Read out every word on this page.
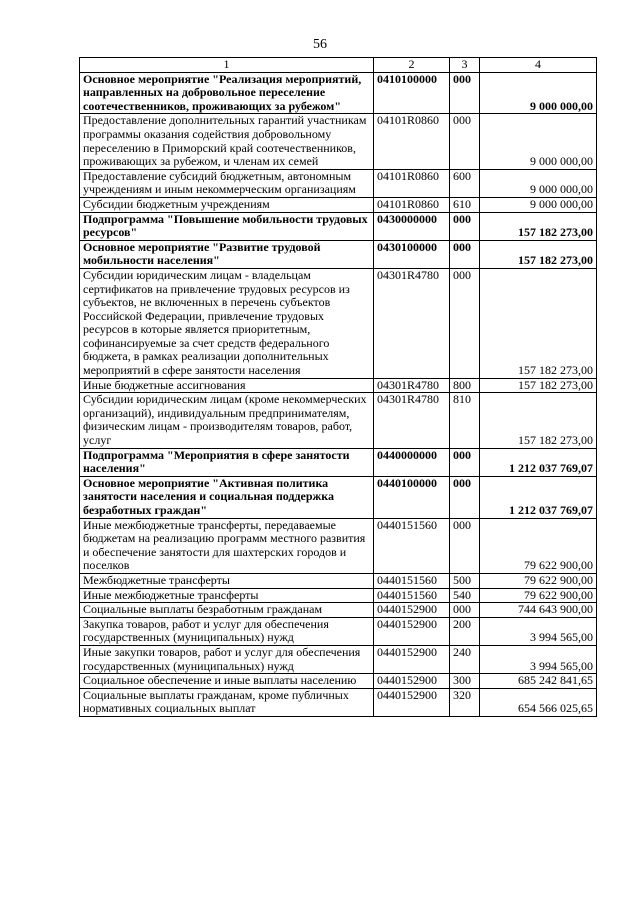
56
1	2	3	4
Основное мероприятие "Реализация мероприятий, направленных на добровольное переселение соотечественников, проживающих за рубежом"	0410100000	000	9 000 000,00
Предоставление дополнительных гарантий участникам программы оказания содействия добровольному переселению в Приморский край соотечественников, проживающих за рубежом, и членам их семей	04101R0860	000	9 000 000,00
Предоставление субсидий бюджетным, автономным учреждениям и иным некоммерческим организациям	04101R0860	600	9 000 000,00
Субсидии бюджетным учреждениям	04101R0860	610	9 000 000,00
Подпрограмма "Повышение мобильности трудовых ресурсов"	0430000000	000	157 182 273,00
Основное мероприятие "Развитие трудовой мобильности населения"	0430100000	000	157 182 273,00
Субсидии юридическим лицам - владельцам сертификатов на привлечение трудовых ресурсов из субъектов, не включенных в перечень субъектов Российской Федерации, привлечение трудовых ресурсов в которые является приоритетным, софинансируемые за счет средств федерального бюджета, в рамках реализации дополнительных мероприятий в сфере занятости населения	04301R4780	000	157 182 273,00
Иные бюджетные ассигнования	04301R4780	800	157 182 273,00
Субсидии юридическим лицам (кроме некоммерческих организаций), индивидуальным предпринимателям, физическим лицам - производителям товаров, работ, услуг	04301R4780	810	157 182 273,00
Подпрограмма "Мероприятия в сфере занятости населения"	0440000000	000	1 212 037 769,07
Основное мероприятие "Активная политика занятости населения и социальная поддержка безработных граждан"	0440100000	000	1 212 037 769,07
Иные межбюджетные трансферты, передаваемые бюджетам на реализацию программ местного развития и обеспечение занятости для шахтерских городов и поселков	0440151560	000	79 622 900,00
Межбюджетные трансферты	0440151560	500	79 622 900,00
Иные межбюджетные трансферты	0440151560	540	79 622 900,00
Социальные выплаты безработным гражданам	0440152900	000	744 643 900,00
Закупка товаров, работ и услуг для обеспечения государственных (муниципальных) нужд	0440152900	200	3 994 565,00
Иные закупки товаров, работ и услуг для обеспечения государственных (муниципальных) нужд	0440152900	240	3 994 565,00
Социальное обеспечение и иные выплаты населению	0440152900	300	685 242 841,65
Социальные выплаты гражданам, кроме публичных нормативных социальных выплат	0440152900	320	654 566 025,65
